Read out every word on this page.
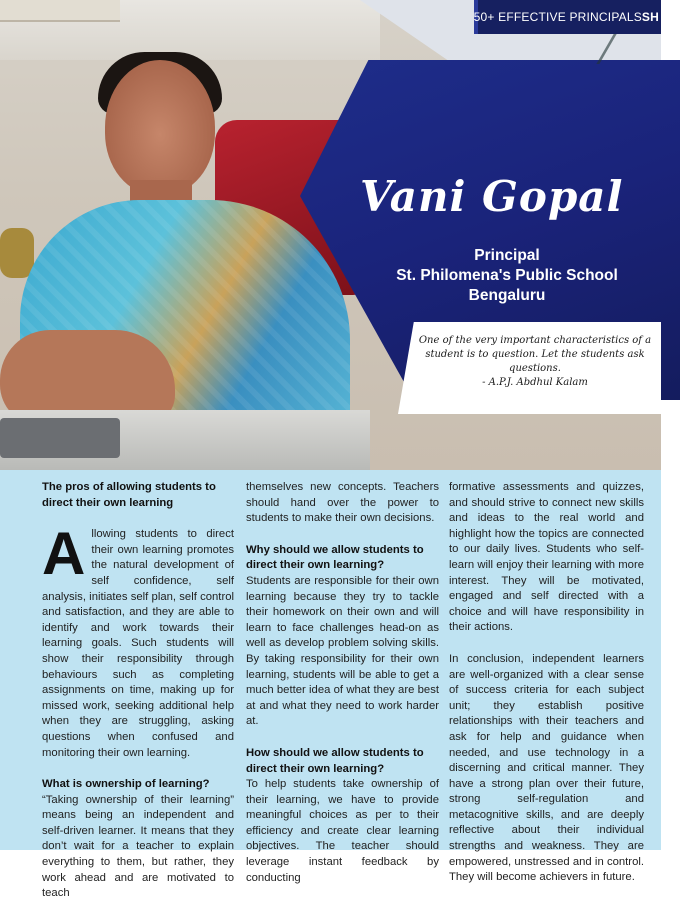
50+ EFFECTIVE PRINCIPALSSH
Vani Gopal
Principal
St. Philomena's Public School
Bengaluru
One of the very important characteristics of a student is to question. Let the students ask questions.
- A.P.J. Abdhul Kalam
The pros of allowing students to direct their own learning

Allowing students to direct their own learning promotes the natural development of self confidence, self analysis, initiates self plan, self control and satisfaction, and they are able to identify and work towards their learning goals. Such students will show their responsibility through behaviours such as completing assignments on time, making up for missed work, seeking additional help when they are struggling, asking questions when confused and monitoring their own learning.

What is ownership of learning?

“Taking ownership of their learning” means being an independent and self-driven learner. It means that they don’t wait for a teacher to explain everything to them, but rather, they work ahead and are motivated to teach

themselves new concepts. Teachers should hand over the power to students to make their own decisions.

Why should we allow students to direct their own learning?

Students are responsible for their own learning because they try to tackle their homework on their own and will learn to face challenges head-on as well as develop problem solving skills. By taking responsibility for their own learning, students will be able to get a much better idea of what they are best at and what they need to work harder at.

How should we allow students to direct their own learning?

To help students take ownership of their learning, we have to provide meaningful choices as per to their efficiency and create clear learning objectives. The teacher should leverage instant feedback by conducting

formative assessments and quizzes, and should strive to connect new skills and ideas to the real world and highlight how the topics are connected to our daily lives. Students who self-learn will enjoy their learning with more interest. They will be motivated, engaged and self directed with a choice and will have responsibility in their actions.

In conclusion, independent learners are well-organized with a clear sense of success criteria for each subject unit; they establish positive relationships with their teachers and ask for help and guidance when needed, and use technology in a discerning and critical manner. They have a strong plan over their future, strong self-regulation and metacognitive skills, and are deeply reflective about their individual strengths and weakness. They are empowered, unstressed and in control. They will become achievers in future.
